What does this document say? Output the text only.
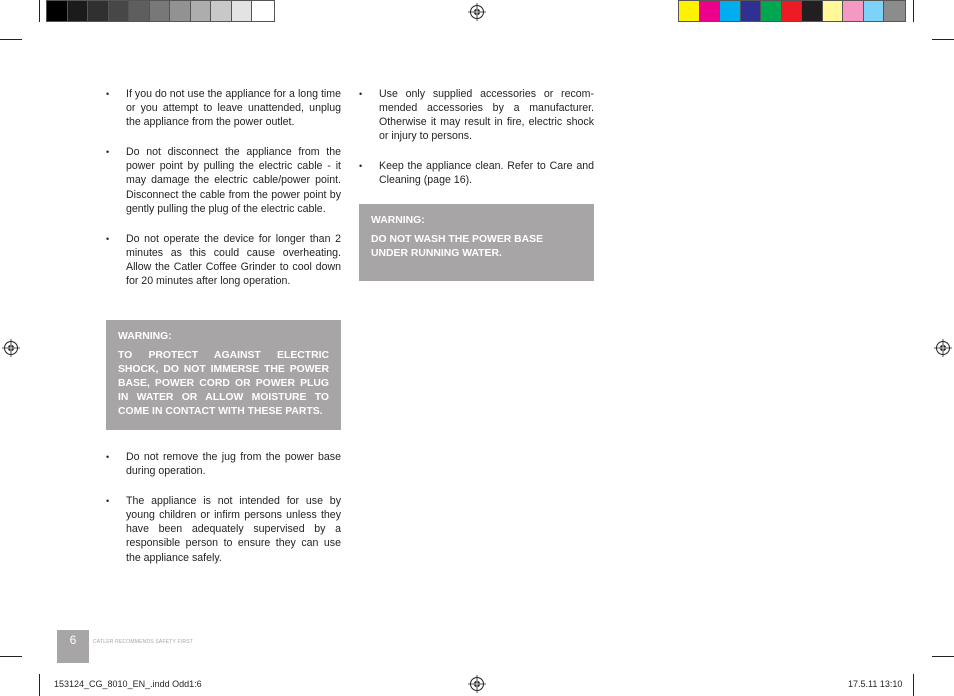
• If you do not use the appliance for a long time or you attempt to leave unattended, unplug the appliance from the power outlet.
• Do not disconnect the appliance from the power point by pulling the electric cable - it may damage the electric cable/power point. Disconnect the cable from the power point by gently pulling the plug of the electric cable.
• Do not operate the device for longer than 2 minutes as this could cause overheating. Allow the Catler Coffee Grinder to cool down for 20 minutes after long operation.
WARNING:
TO PROTECT AGAINST ELECTRIC SHOCK, DO NOT IMMERSE THE POWER BASE, POWER CORD OR POWER PLUG IN WATER OR ALLOW MOISTURE TO COME IN CONTACT WITH THESE PARTS.
• Do not remove the jug from the power base during operation.
• The appliance is not intended for use by young children or infirm persons unless they have been adequately supervised by a responsible person to ensure they can use the appliance safely.
• Use only supplied accessories or recom-mended accessories by a manufacturer. Otherwise it may result in fire, electric shock or injury to persons.
• Keep the appliance clean. Refer to Care and Cleaning (page 16).
WARNING:
DO NOT WASH THE POWER BASE UNDER RUNNING WATER.
6	CATLER RECOMMENDS SAFETY FIRST
153124_CG_8010_EN_.indd Odd1:6	17.5.11 13:10
